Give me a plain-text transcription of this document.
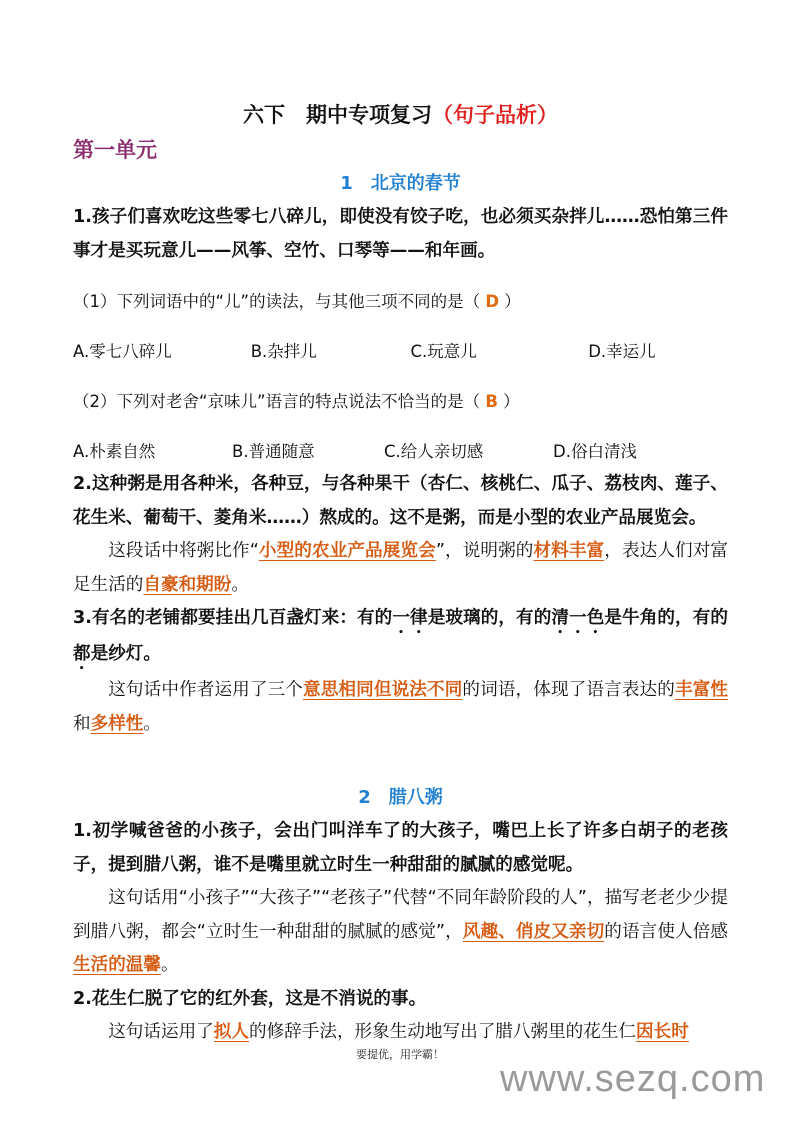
六下　期中专项复习（句子品析）
第一单元
1　北京的春节

1.孩子们喜欢吃这些零七八碎儿，即使没有饺子吃，也必须买杂拌儿……恐怕第三件事才是买玩意儿——风筝、空竹、口琴等——和年画。

（1）下列词语中的“儿”的读法，与其他三项不同的是（ D ）

A.零七八碎儿	B.杂拌儿	C.玩意儿	D.幸运儿

（2）下列对老舍“京味儿”语言的特点说法不恰当的是（ B ）

A.朴素自然	B.普通随意	C.给人亲切感	D.俗白清浅

2.这种粥是用各种米，各种豆，与各种果干（杏仁、核桃仁、瓜子、荔枝肉、莲子、花生米、葡萄干、菱角米……）熬成的。这不是粥，而是小型的农业产品展览会。

这段话中将粥比作“小型的农业产品展览会”，说明粥的材料丰富，表达人们对富足生活的自豪和期盼。

3.有名的老铺都要挂出几百盏灯来：有的一律是玻璃的，有的清一色是牛角的，有的都是纱灯。

这句话中作者运用了三个意思相同但说法不同的词语，体现了语言表达的丰富性和多样性。

2　腊八粥

1.初学喊爸爸的小孩子，会出门叫洋车了的大孩子，嘴巴上长了许多白胡子的老孩子，提到腊八粥，谁不是嘴里就立时生一种甜甜的腻腻的感觉呢。

这句话用“小孩子”“大孩子”“老孩子”代替“不同年龄阶段的人”，描写老老少少提到腊八粥，都会“立时生一种甜甜的腻腻的感觉”，风趣、俏皮又亲切的语言使人倍感生活的温馨。

2.花生仁脱了它的红外套，这是不消说的事。

这句话运用了拟人的修辞手法，形象生动地写出了腊八粥里的花生仁因长时

要提优，用学霸！
www.sezq.com
